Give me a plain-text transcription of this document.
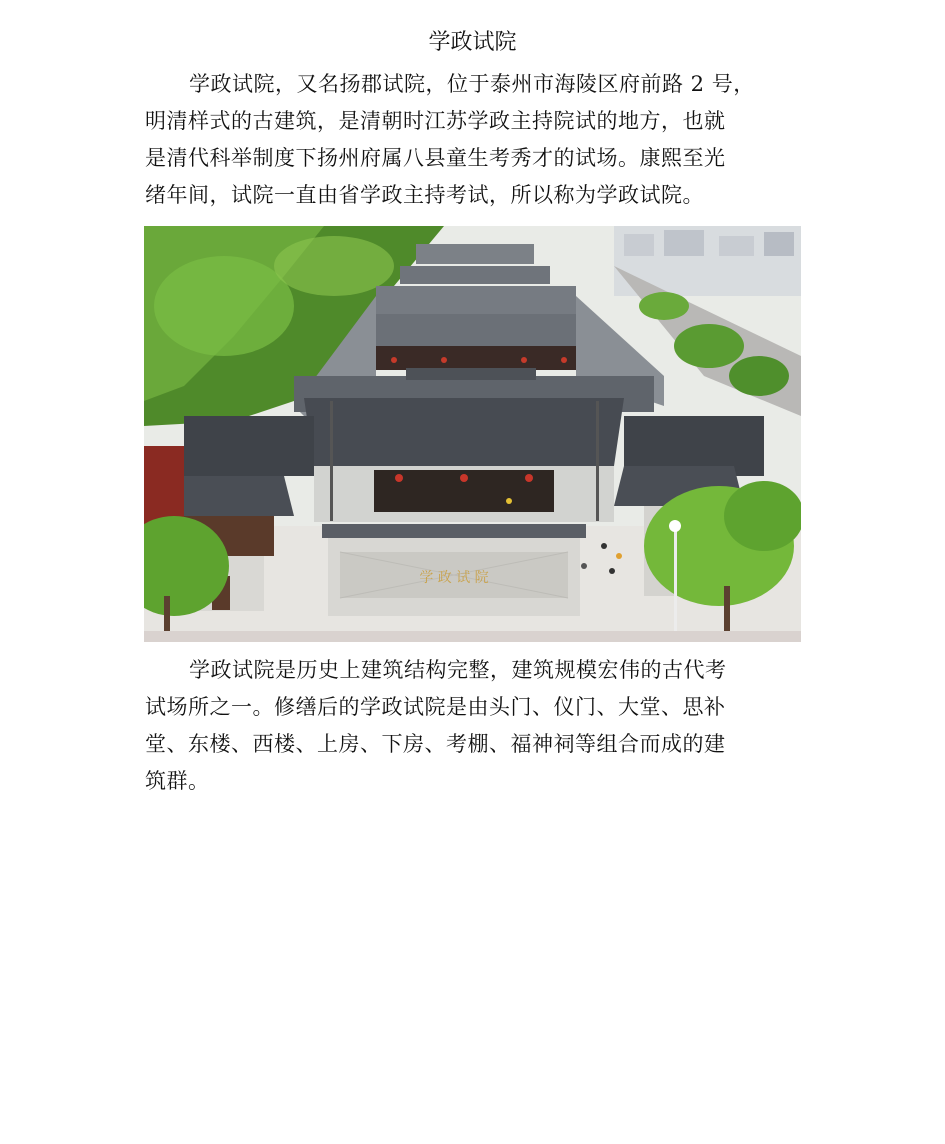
学政试院
学政试院，又名扬郡试院，位于泰州市海陵区府前路 2 号，
明清样式的古建筑，是清朝时江苏学政主持院试的地方，也就
是清代科举制度下扬州府属八县童生考秀才的试场。康熙至光
绪年间，试院一直由省学政主持考试，所以称为学政试院。
学 政 试 院
学政试院是历史上建筑结构完整，建筑规模宏伟的古代考
试场所之一。修缮后的学政试院是由头门、仪门、大堂、思补
堂、东楼、西楼、上房、下房、考棚、福神祠等组合而成的建
筑群。
